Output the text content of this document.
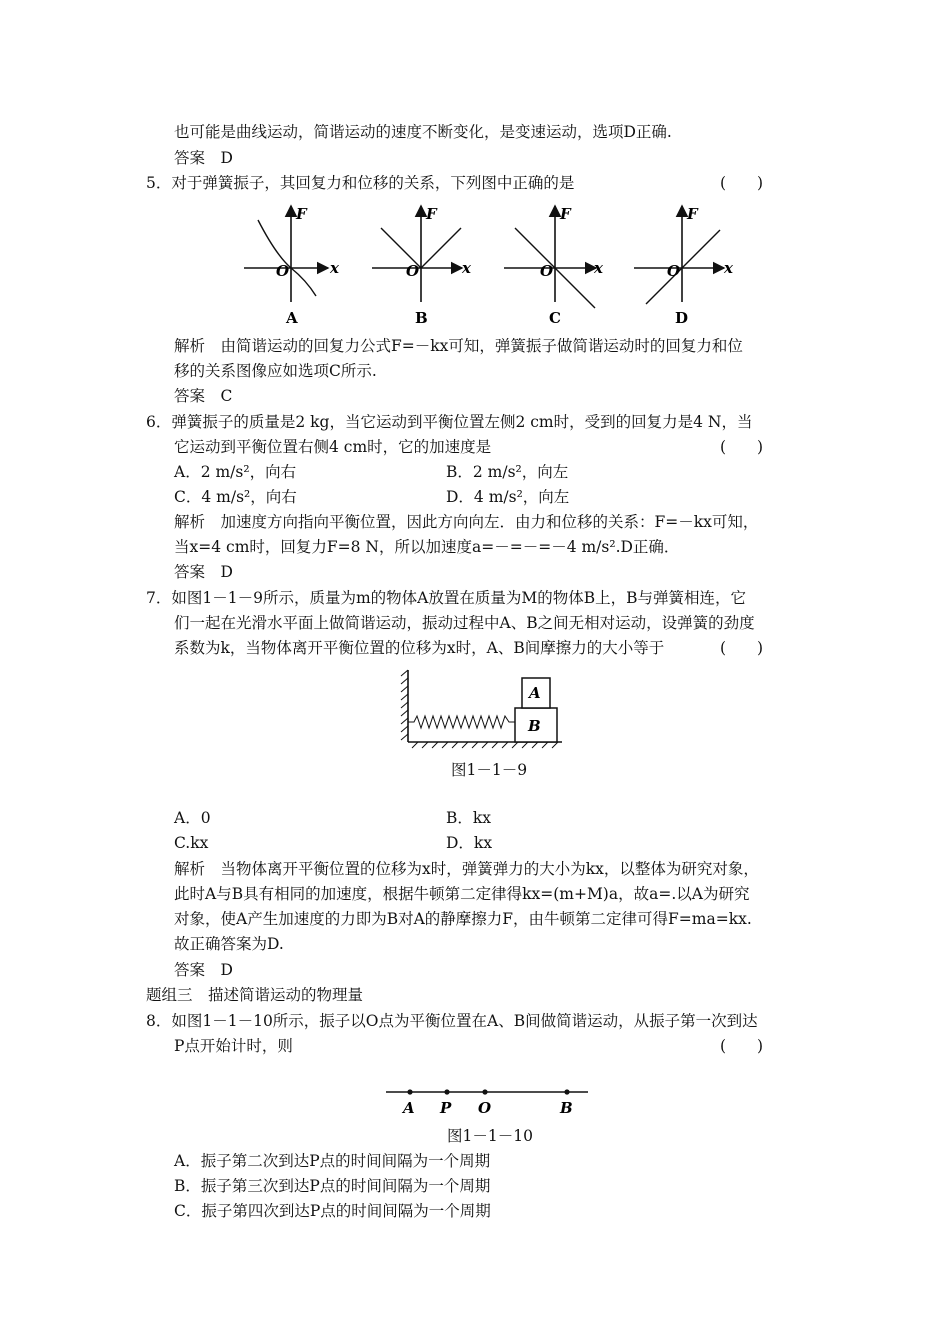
也可能是曲线运动，简谐运动的速度不断变化，是变速运动，选项D正确.
答案　D
5．对于弹簧振子，其回复力和位移的关系，下列图中正确的是	(　　)
F
O	x
A
F
O	x
B
F
O	x
C
F
O	x
D
解析　由简谐运动的回复力公式F=－kx可知，弹簧振子做简谐运动时的回复力和位
移的关系图像应如选项C所示.
答案　C
6．弹簧振子的质量是2 kg，当它运动到平衡位置左侧2 cm时，受到的回复力是4 N，当
它运动到平衡位置右侧4 cm时，它的加速度是	(　　)
A．2 m/s²，向右	B．2 m/s²，向左
C．4 m/s²，向右	D．4 m/s²，向左
解析　加速度方向指向平衡位置，因此方向向左．由力和位移的关系：F=－kx可知，
当x=4 cm时，回复力F=8 N，所以加速度a=－=－=－4 m/s².D正确．
答案　D
7．如图1－1－9所示，质量为m的物体A放置在质量为M的物体B上，B与弹簧相连，它
们一起在光滑水平面上做简谐运动，振动过程中A、B之间无相对运动，设弹簧的劲度
系数为k，当物体离开平衡位置的位移为x时，A、B间摩擦力的大小等于	(　　)
B
A
图1－1－9
A．0	B．kx
C.kx	D．kx
解析　当物体离开平衡位置的位移为x时，弹簧弹力的大小为kx，以整体为研究对象，
此时A与B具有相同的加速度，根据牛顿第二定律得kx=(m+M)a，故a=.以A为研究
对象，使A产生加速度的力即为B对A的静摩擦力F，由牛顿第二定律可得F=ma=kx.
故正确答案为D.
答案　D
题组三　描述简谐运动的物理量
8．如图1－1－10所示，振子以O点为平衡位置在A、B间做简谐运动，从振子第一次到达
P点开始计时，则	(　　)
A P O	B
图1－1－10
A．振子第二次到达P点的时间间隔为一个周期
B．振子第三次到达P点的时间间隔为一个周期
C．振子第四次到达P点的时间间隔为一个周期
